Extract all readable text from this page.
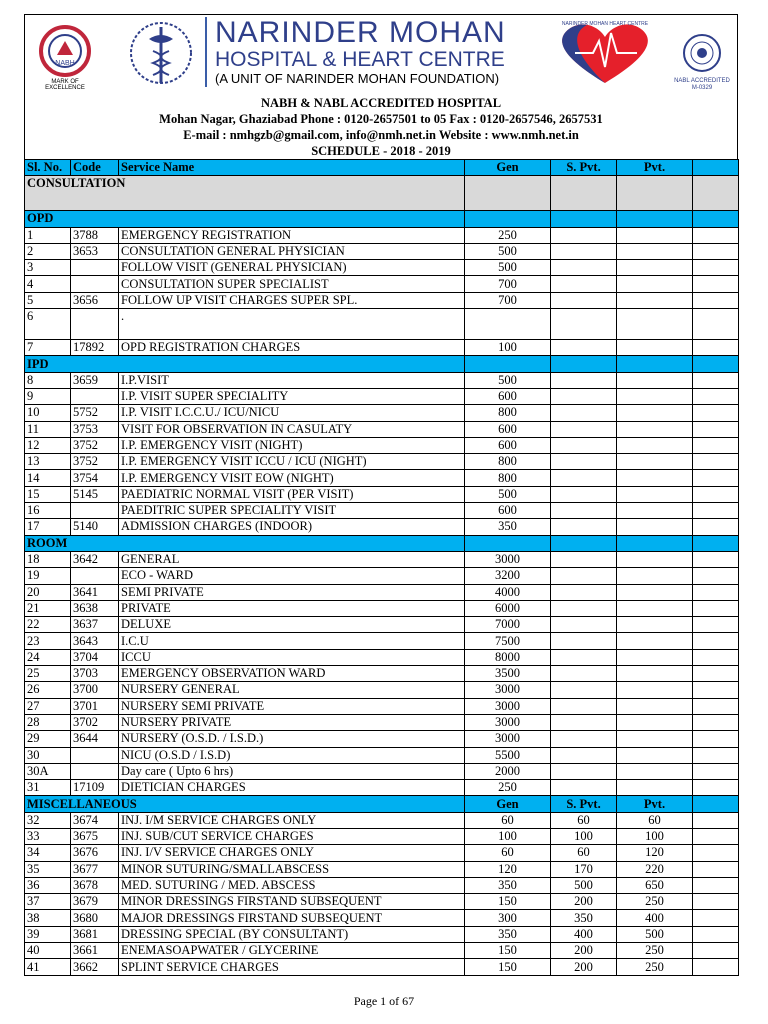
NABH
MARK OF EXCELLENCE
NARINDER MOHAN
HOSPITAL & HEART CENTRE
(A UNIT OF NARINDER MOHAN FOUNDATION)
NARINDER MOHAN HEART CENTRE
NABL ACCREDITED
M-0329
NABH & NABL ACCREDITED HOSPITAL
Mohan Nagar, Ghaziabad Phone : 0120-2657501 to 05 Fax : 0120-2657546, 2657531
E-mail : nmhgzb@gmail.com, info@nmh.net.in Website : www.nmh.net.in
SCHEDULE - 2018 - 2019
Sl. No.	Code	Service Name	Gen	S. Pvt.	Pvt.	
CONSULTATION						
OPD						
1	3788	EMERGENCY REGISTRATION	250			
2	3653	CONSULTATION GENERAL PHYSICIAN	500			
3		FOLLOW VISIT (GENERAL PHYSICIAN)	500			
4		CONSULTATION SUPER SPECIALIST	700			
5	3656	FOLLOW UP VISIT CHARGES SUPER SPL.	700			
6		.				
7	17892	OPD REGISTRATION CHARGES	100			
IPD						
8	3659	I.P.VISIT	500			
9		I.P. VISIT SUPER SPECIALITY	600			
10	5752	I.P. VISIT I.C.C.U./ ICU/NICU	800			
11	3753	VISIT FOR OBSERVATION IN CASULATY	600			
12	3752	I.P. EMERGENCY VISIT (NIGHT)	600			
13	3752	I.P. EMERGENCY VISIT ICCU / ICU (NIGHT)	800			
14	3754	I.P. EMERGENCY VISIT EOW (NIGHT)	800			
15	5145	PAEDIATRIC NORMAL VISIT (PER VISIT)	500			
16		PAEDITRIC SUPER SPECIALITY VISIT	600			
17	5140	ADMISSION CHARGES (INDOOR)	350			
ROOM						
18	3642	GENERAL	3000			
19		ECO - WARD	3200			
20	3641	SEMI PRIVATE	4000			
21	3638	PRIVATE	6000			
22	3637	DELUXE	7000			
23	3643	I.C.U	7500			
24	3704	ICCU	8000			
25	3703	EMERGENCY OBSERVATION WARD	3500			
26	3700	NURSERY GENERAL	3000			
27	3701	NURSERY SEMI PRIVATE	3000			
28	3702	NURSERY PRIVATE	3000			
29	3644	NURSERY (O.S.D. / I.S.D.)	3000			
30		NICU (O.S.D / I.S.D)	5500			
30A		Day care ( Upto 6 hrs)	2000			
31	17109	DIETICIAN CHARGES	250			
MISCELLANEOUS			Gen	S. Pvt.	Pvt.	
32	3674	INJ. I/M SERVICE CHARGES ONLY	60	60	60	
33	3675	INJ. SUB/CUT SERVICE CHARGES	100	100	100	
34	3676	INJ. I/V SERVICE CHARGES ONLY	60	60	120	
35	3677	MINOR SUTURING/SMALLABSCESS	120	170	220	
36	3678	MED. SUTURING / MED. ABSCESS	350	500	650	
37	3679	MINOR DRESSINGS FIRSTAND SUBSEQUENT	150	200	250	
38	3680	MAJOR DRESSINGS FIRSTAND SUBSEQUENT	300	350	400	
39	3681	DRESSING SPECIAL (BY CONSULTANT)	350	400	500	
40	3661	ENEMASOAPWATER / GLYCERINE	150	200	250	
41	3662	SPLINT SERVICE CHARGES	150	200	250	
Page 1 of 67
